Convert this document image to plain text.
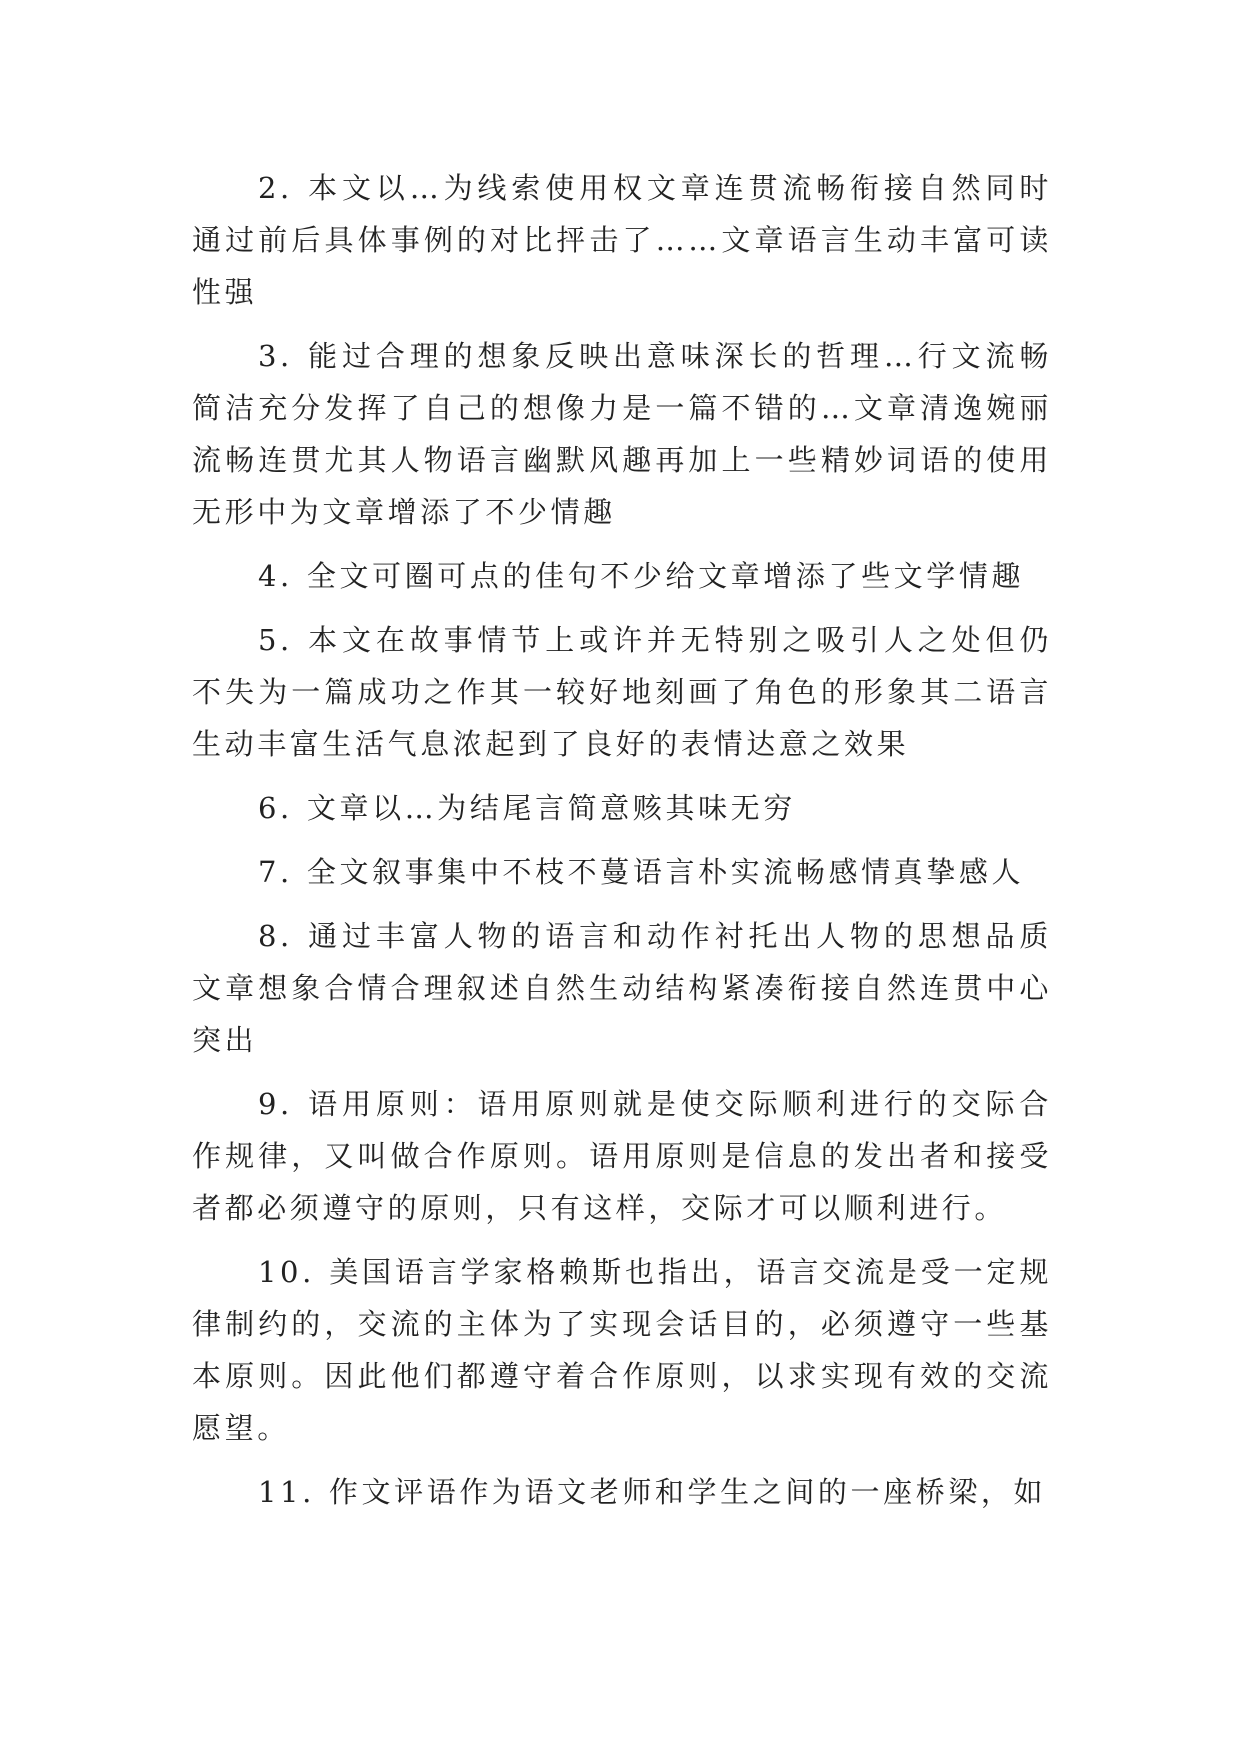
2. 本文以…为线索使用权文章连贯流畅衔接自然同时通过前后具体事例的对比抨击了……文章语言生动丰富可读性强

3. 能过合理的想象反映出意味深长的哲理…行文流畅简洁充分发挥了自己的想像力是一篇不错的…文章清逸婉丽流畅连贯尤其人物语言幽默风趣再加上一些精妙词语的使用无形中为文章增添了不少情趣

4. 全文可圈可点的佳句不少给文章增添了些文学情趣

5. 本文在故事情节上或许并无特别之吸引人之处但仍不失为一篇成功之作其一较好地刻画了角色的形象其二语言生动丰富生活气息浓起到了良好的表情达意之效果

6. 文章以…为结尾言简意赅其味无穷

7. 全文叙事集中不枝不蔓语言朴实流畅感情真挚感人

8. 通过丰富人物的语言和动作衬托出人物的思想品质文章想象合情合理叙述自然生动结构紧凑衔接自然连贯中心突出

9. 语用原则：语用原则就是使交际顺利进行的交际合作规律，又叫做合作原则。语用原则是信息的发出者和接受者都必须遵守的原则，只有这样，交际才可以顺利进行。

10. 美国语言学家格赖斯也指出，语言交流是受一定规律制约的，交流的主体为了实现会话目的，必须遵守一些基本原则。因此他们都遵守着合作原则，以求实现有效的交流愿望。

11. 作文评语作为语文老师和学生之间的一座桥梁，如
